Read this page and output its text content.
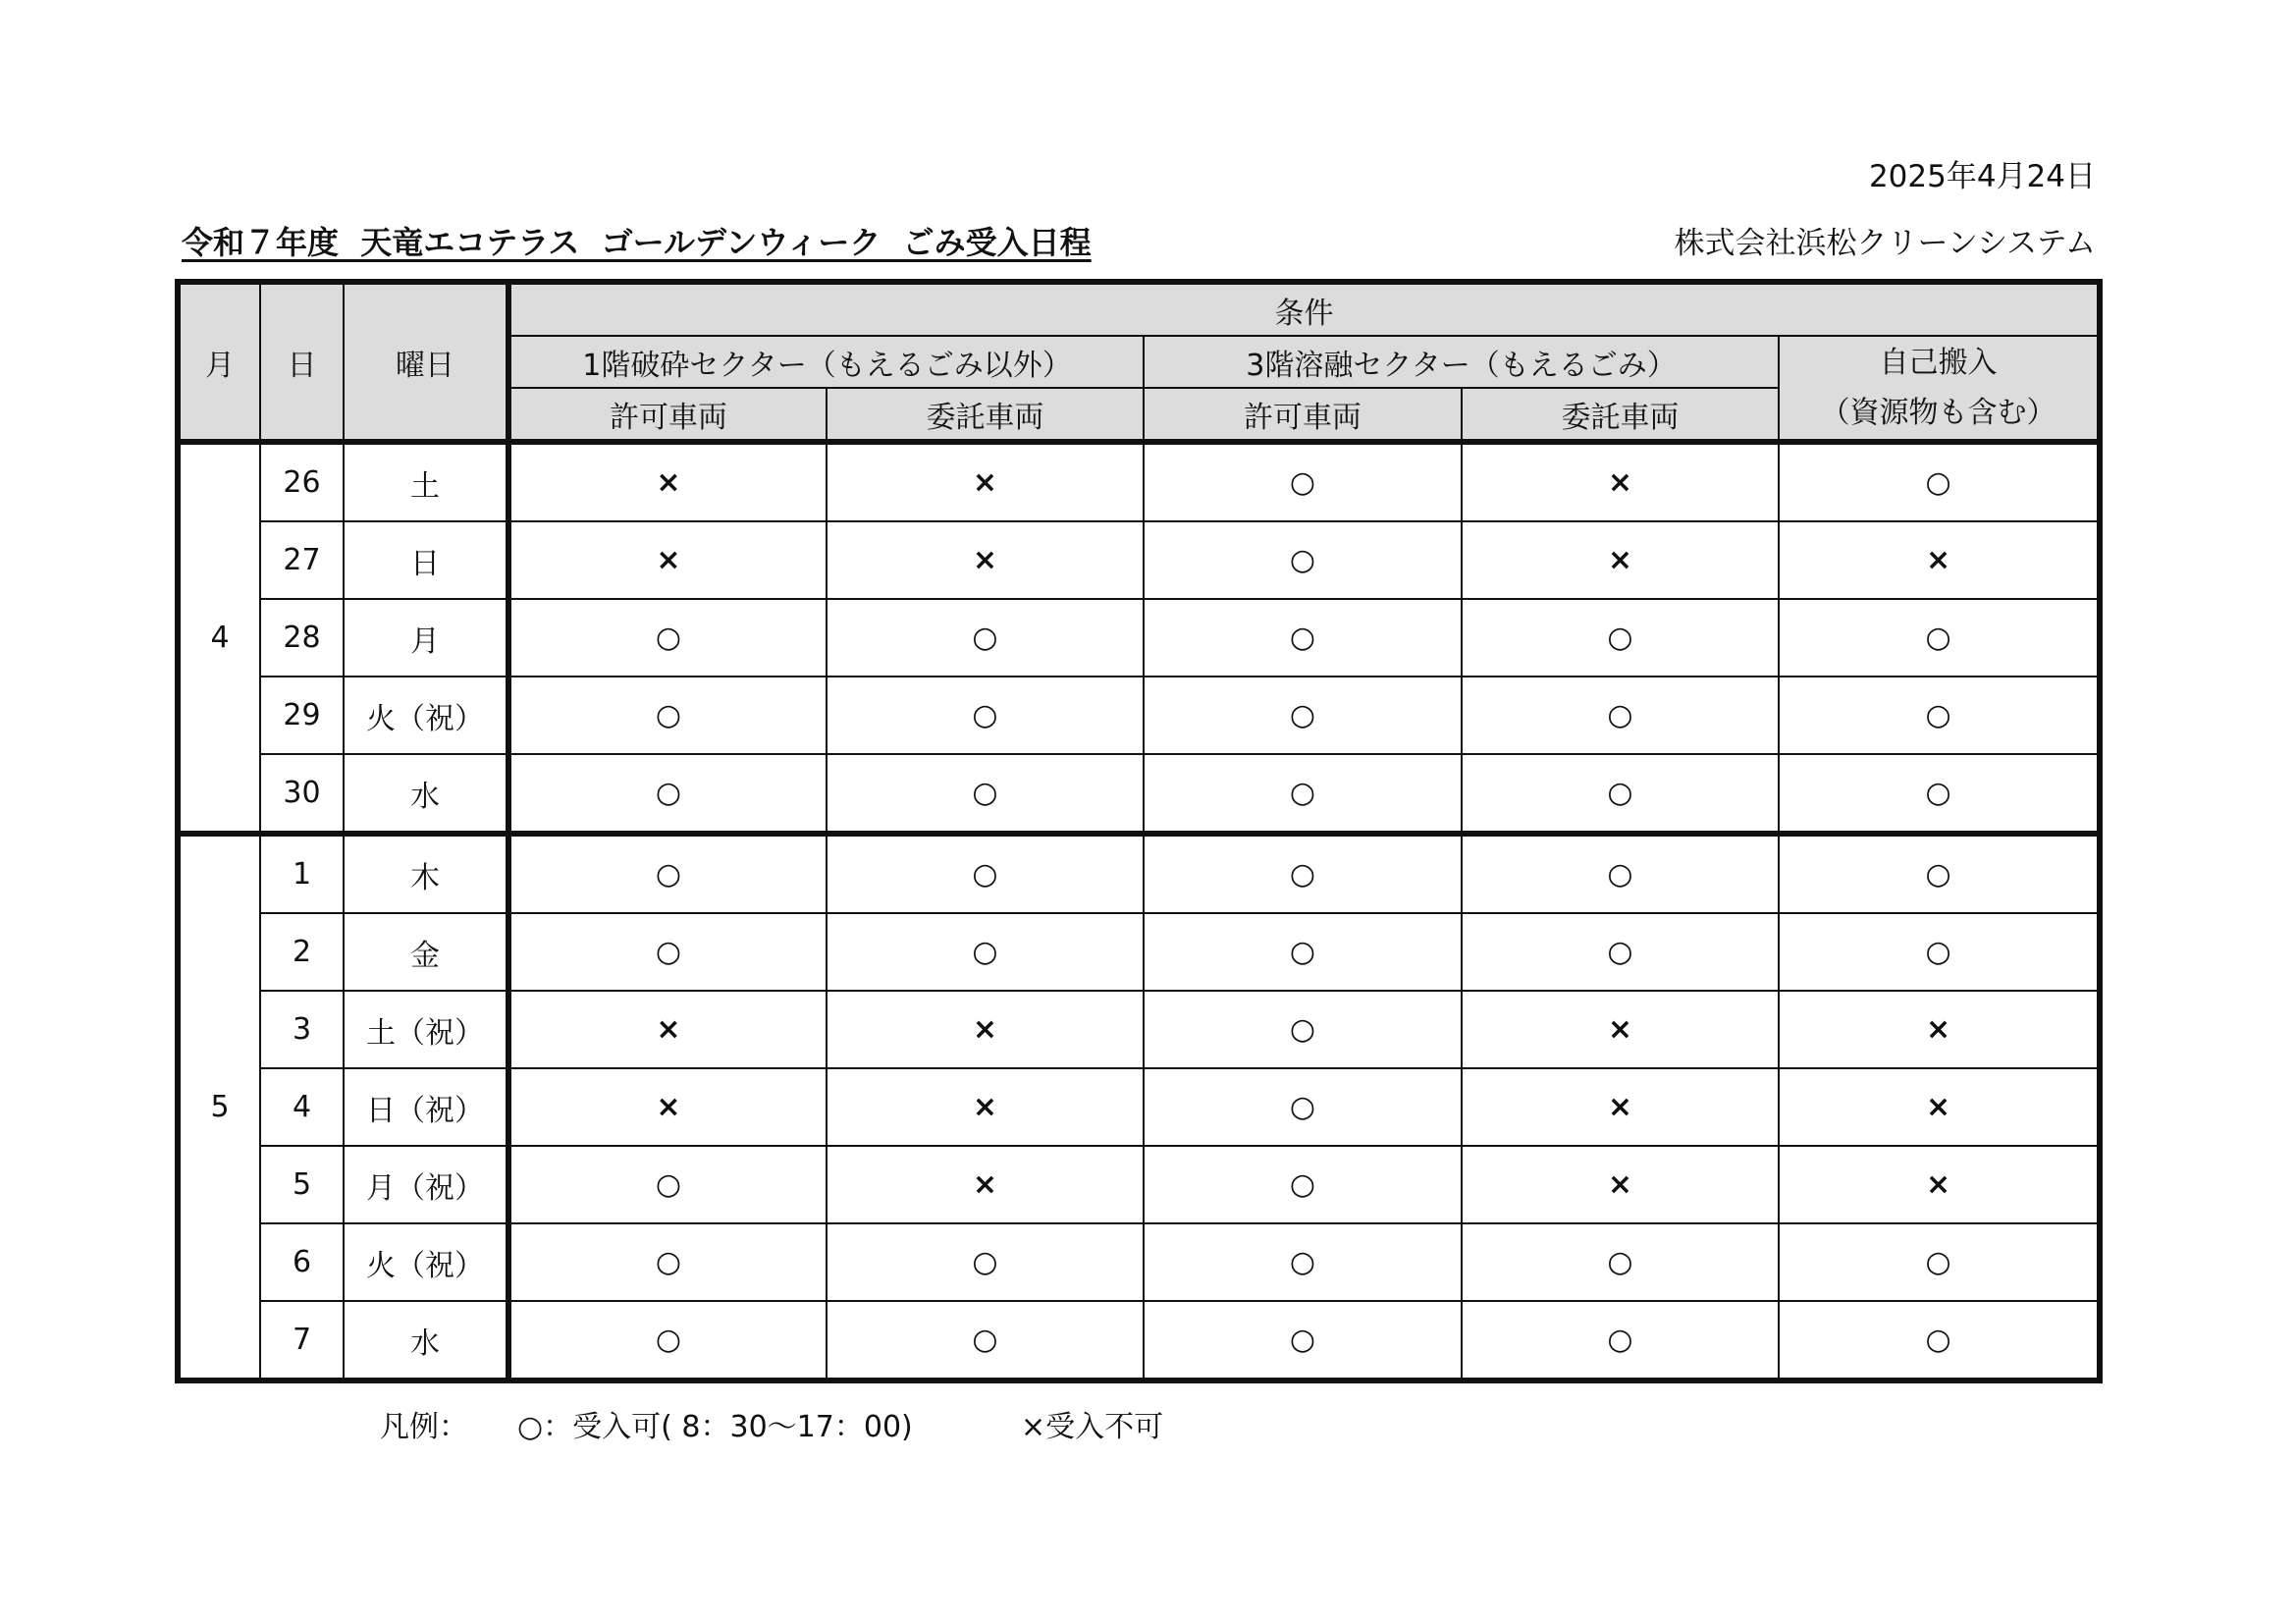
2025年4月24日
令和７年度  天竜エコテラス  ゴールデンウィーク  ごみ受入日程	株式会社浜松クリーンシステム
月	日	曜日	条件				
			1階破砕セクター（もえるごみ以外）		3階溶融セクター（もえるごみ）		自己搬入
（資源物も含む）

			許可車両	委託車両	許可車両	委託車両	
4	26	土	×	×	○	×	○
	27	日	×	×	○	×	×
	28	月	○	○	○	○	○
	29	火（祝）	○	○	○	○	○
	30	水	○	○	○	○	○
5	1	木	○	○	○	○	○
	2	金	○	○	○	○	○
	3	土（祝）	×	×	○	×	×
	4	日（祝）	×	×	○	×	×
	5	月（祝）	○	×	○	×	×
	6	火（祝）	○	○	○	○	○
	7	水	○	○	○	○	○
凡例： ○：受入可( 8：30～17：00)	×受入不可
